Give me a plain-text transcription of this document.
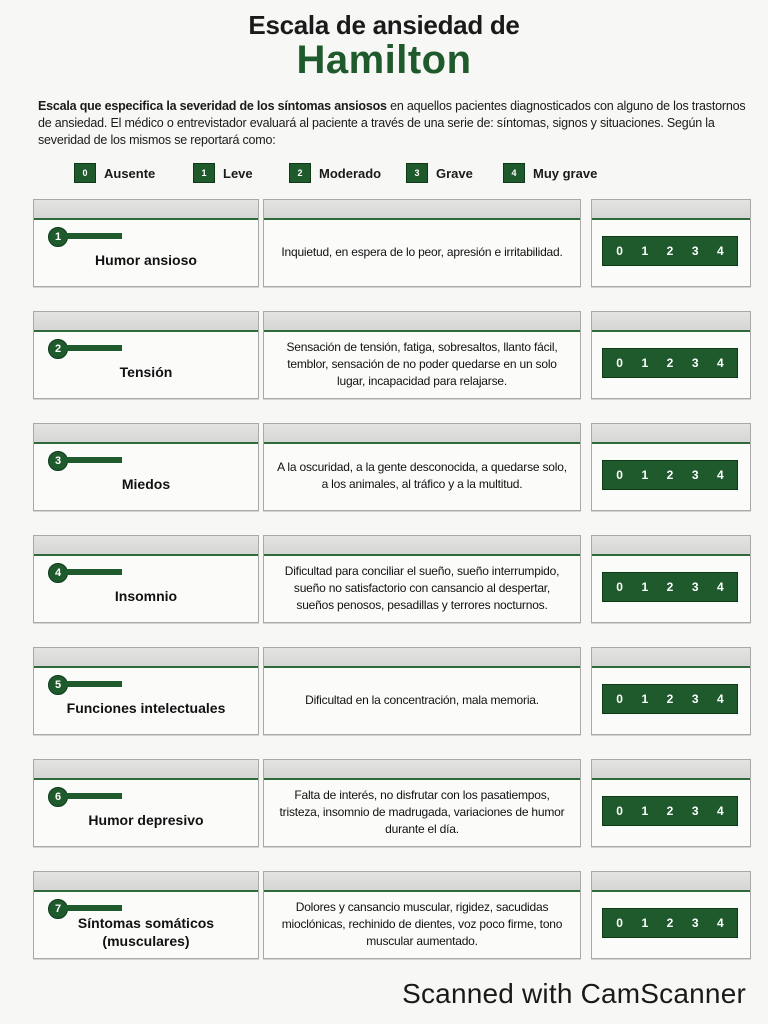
Escala de ansiedad de
Hamilton
Escala que especifica la severidad de los síntomas ansiosos en aquellos pacientes diagnosticados con alguno de los trastornos de ansiedad. El médico o entrevistador evaluará al paciente a través de una serie de: síntomas, signos y situaciones. Según la severidad de los mismos se reportará como:
0	Ausente	1	Leve	2	Moderado	3	Grave	4	Muy grave
1
Humor ansioso
Inquietud, en espera de lo peor, apresión e irritabilidad.	0	1	2	3	4
2
Tensión
Sensación de tensión, fatiga, sobresaltos, llanto fácil, temblor, sensación de no poder quedarse en un solo lugar, incapacidad para relajarse.
0	1	2	3	4
3
Miedos
A la oscuridad, a la gente desconocida, a quedarse solo, a los animales, al tráfico y a la multitud.
0	1	2	3	4
4
Insomnio
Dificultad para conciliar el sueño, sueño interrumpido, sueño no satisfactorio con cansancio al despertar, sueños penosos, pesadillas y terrores nocturnos.
0	1	2	3	4
5
Funciones intelectuales
Dificultad en la concentración, mala memoria.	0	1	2	3	4
6
Humor depresivo
Falta de interés, no disfrutar con los pasatiempos, tristeza, insomnio de madrugada, variaciones de humor durante el día.
0	1	2	3	4
7
Síntomas somáticos (musculares)
Dolores y cansancio muscular, rigidez, sacudidas mioclónicas, rechinido de dientes, voz poco firme, tono muscular aumentado.
0	1	2	3	4
Scanned with CamScanner
